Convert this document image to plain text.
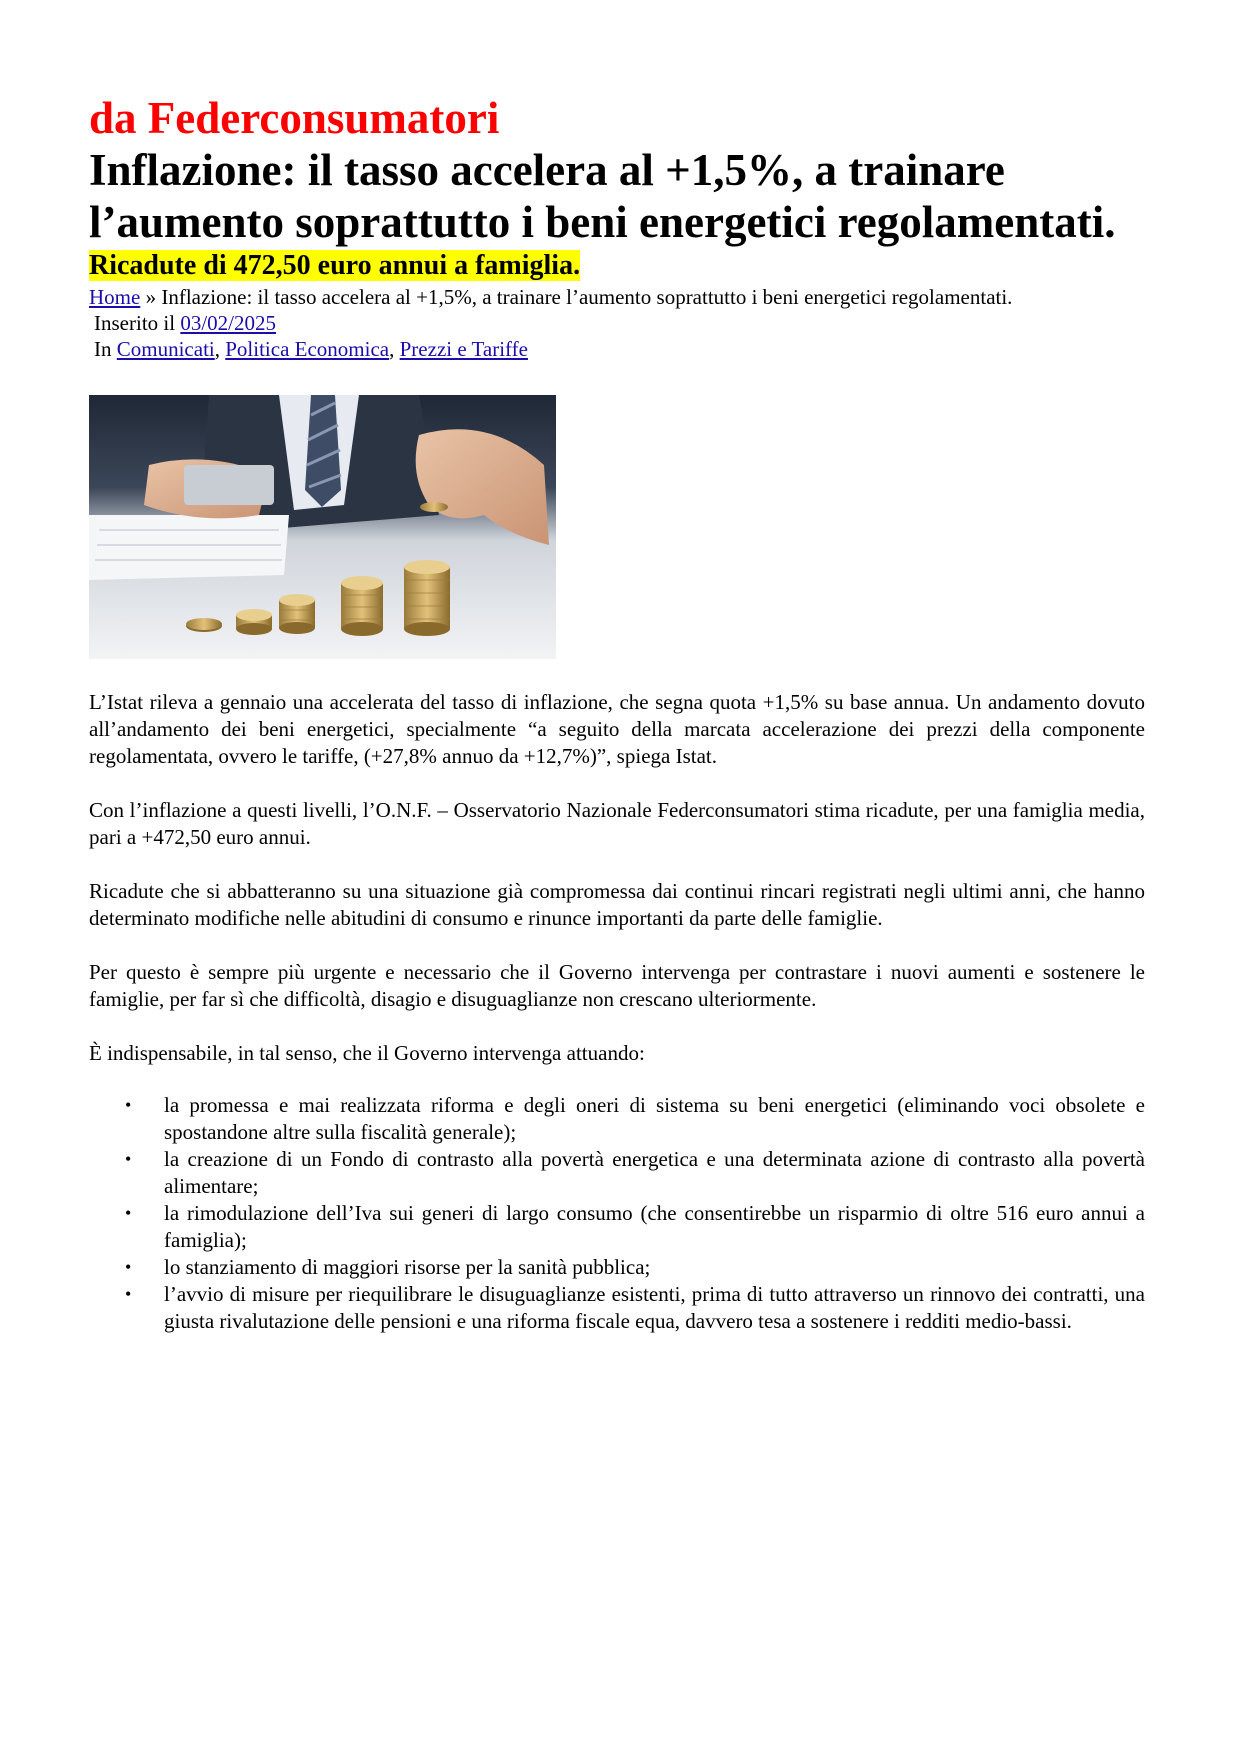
da Federconsumatori
Inflazione: il tasso accelera al +1,5%, a trainare l’aumento soprattutto i beni energetici regolamentati.
Ricadute di 472,50 euro annui a famiglia.
Home » Inflazione: il tasso accelera al +1,5%, a trainare l’aumento soprattutto i beni energetici regolamentati.
Inserito il 03/02/2025
In Comunicati, Politica Economica, Prezzi e Tariffe

L’Istat rileva a gennaio una accelerata del tasso di inflazione, che segna quota +1,5% su base annua. Un andamento dovuto all’andamento dei beni energetici, specialmente “a seguito della marcata accelerazione dei prezzi della componente regolamentata, ovvero le tariffe, (+27,8% annuo da +12,7%)”, spiega Istat.

Con l’inflazione a questi livelli, l’O.N.F. – Osservatorio Nazionale Federconsumatori stima ricadute, per una famiglia media, pari a +472,50 euro annui.

Ricadute che si abbatteranno su una situazione già compromessa dai continui rincari registrati negli ultimi anni, che hanno determinato modifiche nelle abitudini di consumo e rinunce importanti da parte delle famiglie.

Per questo è sempre più urgente e necessario che il Governo intervenga per contrastare i nuovi aumenti e sostenere le famiglie, per far sì che difficoltà, disagio e disuguaglianze non crescano ulteriormente.

È indispensabile, in tal senso, che il Governo intervenga attuando:

• la promessa e mai realizzata riforma e degli oneri di sistema su beni energetici (eliminando voci obsolete e spostandone altre sulla fiscalità generale);
• la creazione di un Fondo di contrasto alla povertà energetica e una determinata azione di contrasto alla povertà alimentare;
• la rimodulazione dell’Iva sui generi di largo consumo (che consentirebbe un risparmio di oltre 516 euro annui a famiglia);
• lo stanziamento di maggiori risorse per la sanità pubblica;
• l’avvio di misure per riequilibrare le disuguaglianze esistenti, prima di tutto attraverso un rinnovo dei contratti, una giusta rivalutazione delle pensioni e una riforma fiscale equa, davvero tesa a sostenere i redditi medio-bassi.
